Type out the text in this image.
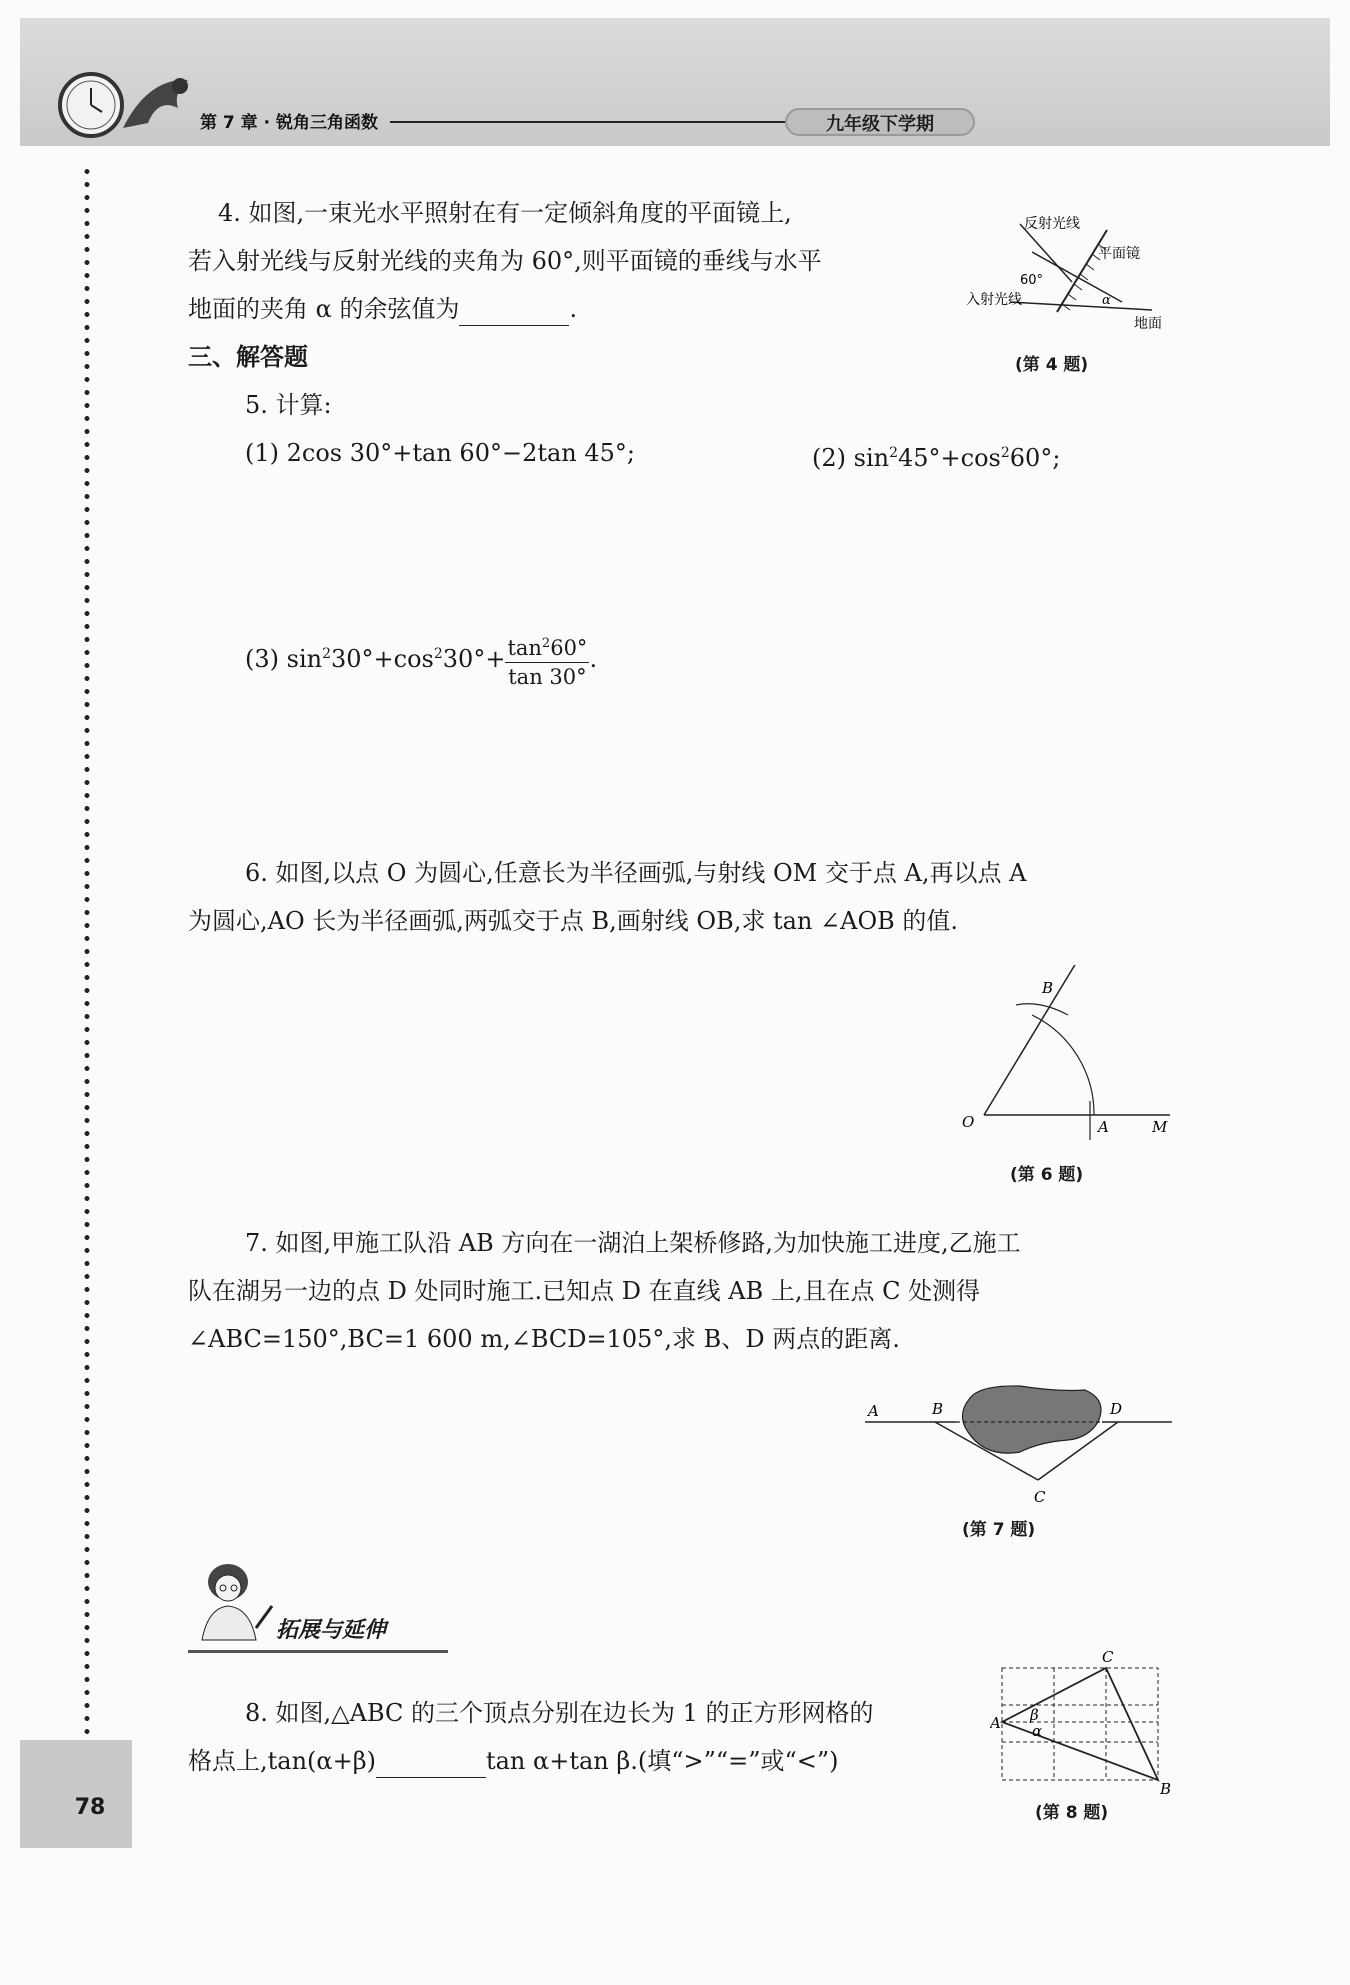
第 7 章 · 锐角三角函数	九年级下学期
78
4. 如图,一束光水平照射在有一定倾斜角度的平面镜上,
若入射光线与反射光线的夹角为 60°,则平面镜的垂线与水平
地面的夹角 α 的余弦值为	.
反射光线
平面镜
60°
入射光线	α
地面
(第 4 题)
三、解答题
5. 计算:
(1) 2cos 30°+tan 60°−2tan 45°;	(2) $\sin^245^\circ+\cos^260^\circ$;
(3) $\sin^230^\circ+\cos^230^\circ+ \frac{\tan^260^\circ}{\tan 30^\circ}$ .
6. 如图,以点 O 为圆心,任意长为半径画弧,与射线 OM 交于点 A,再以点 A
为圆心,AO 长为半径画弧,两弧交于点 B,画射线 OB,求 tan ∠AOB 的值.
B
O	A	M
(第 6 题)
7. 如图,甲施工队沿 AB 方向在一湖泊上架桥修路,为加快施工进度,乙施工
队在湖另一边的点 D 处同时施工.已知点 D 在直线 AB 上,且在点 C 处测得
∠ABC=150°,BC=1 600 m,∠BCD=105°,求 B、D 两点的距离.
A	B	D
C
(第 7 题)
拓展与延伸
8. 如图,△ABC 的三个顶点分别在边长为 1 的正方形网格的
格点上,tan(α+β)	tan α+tan β.(填“>”“=”或“<”)
A
C
B
β
α
(第 8 题)
